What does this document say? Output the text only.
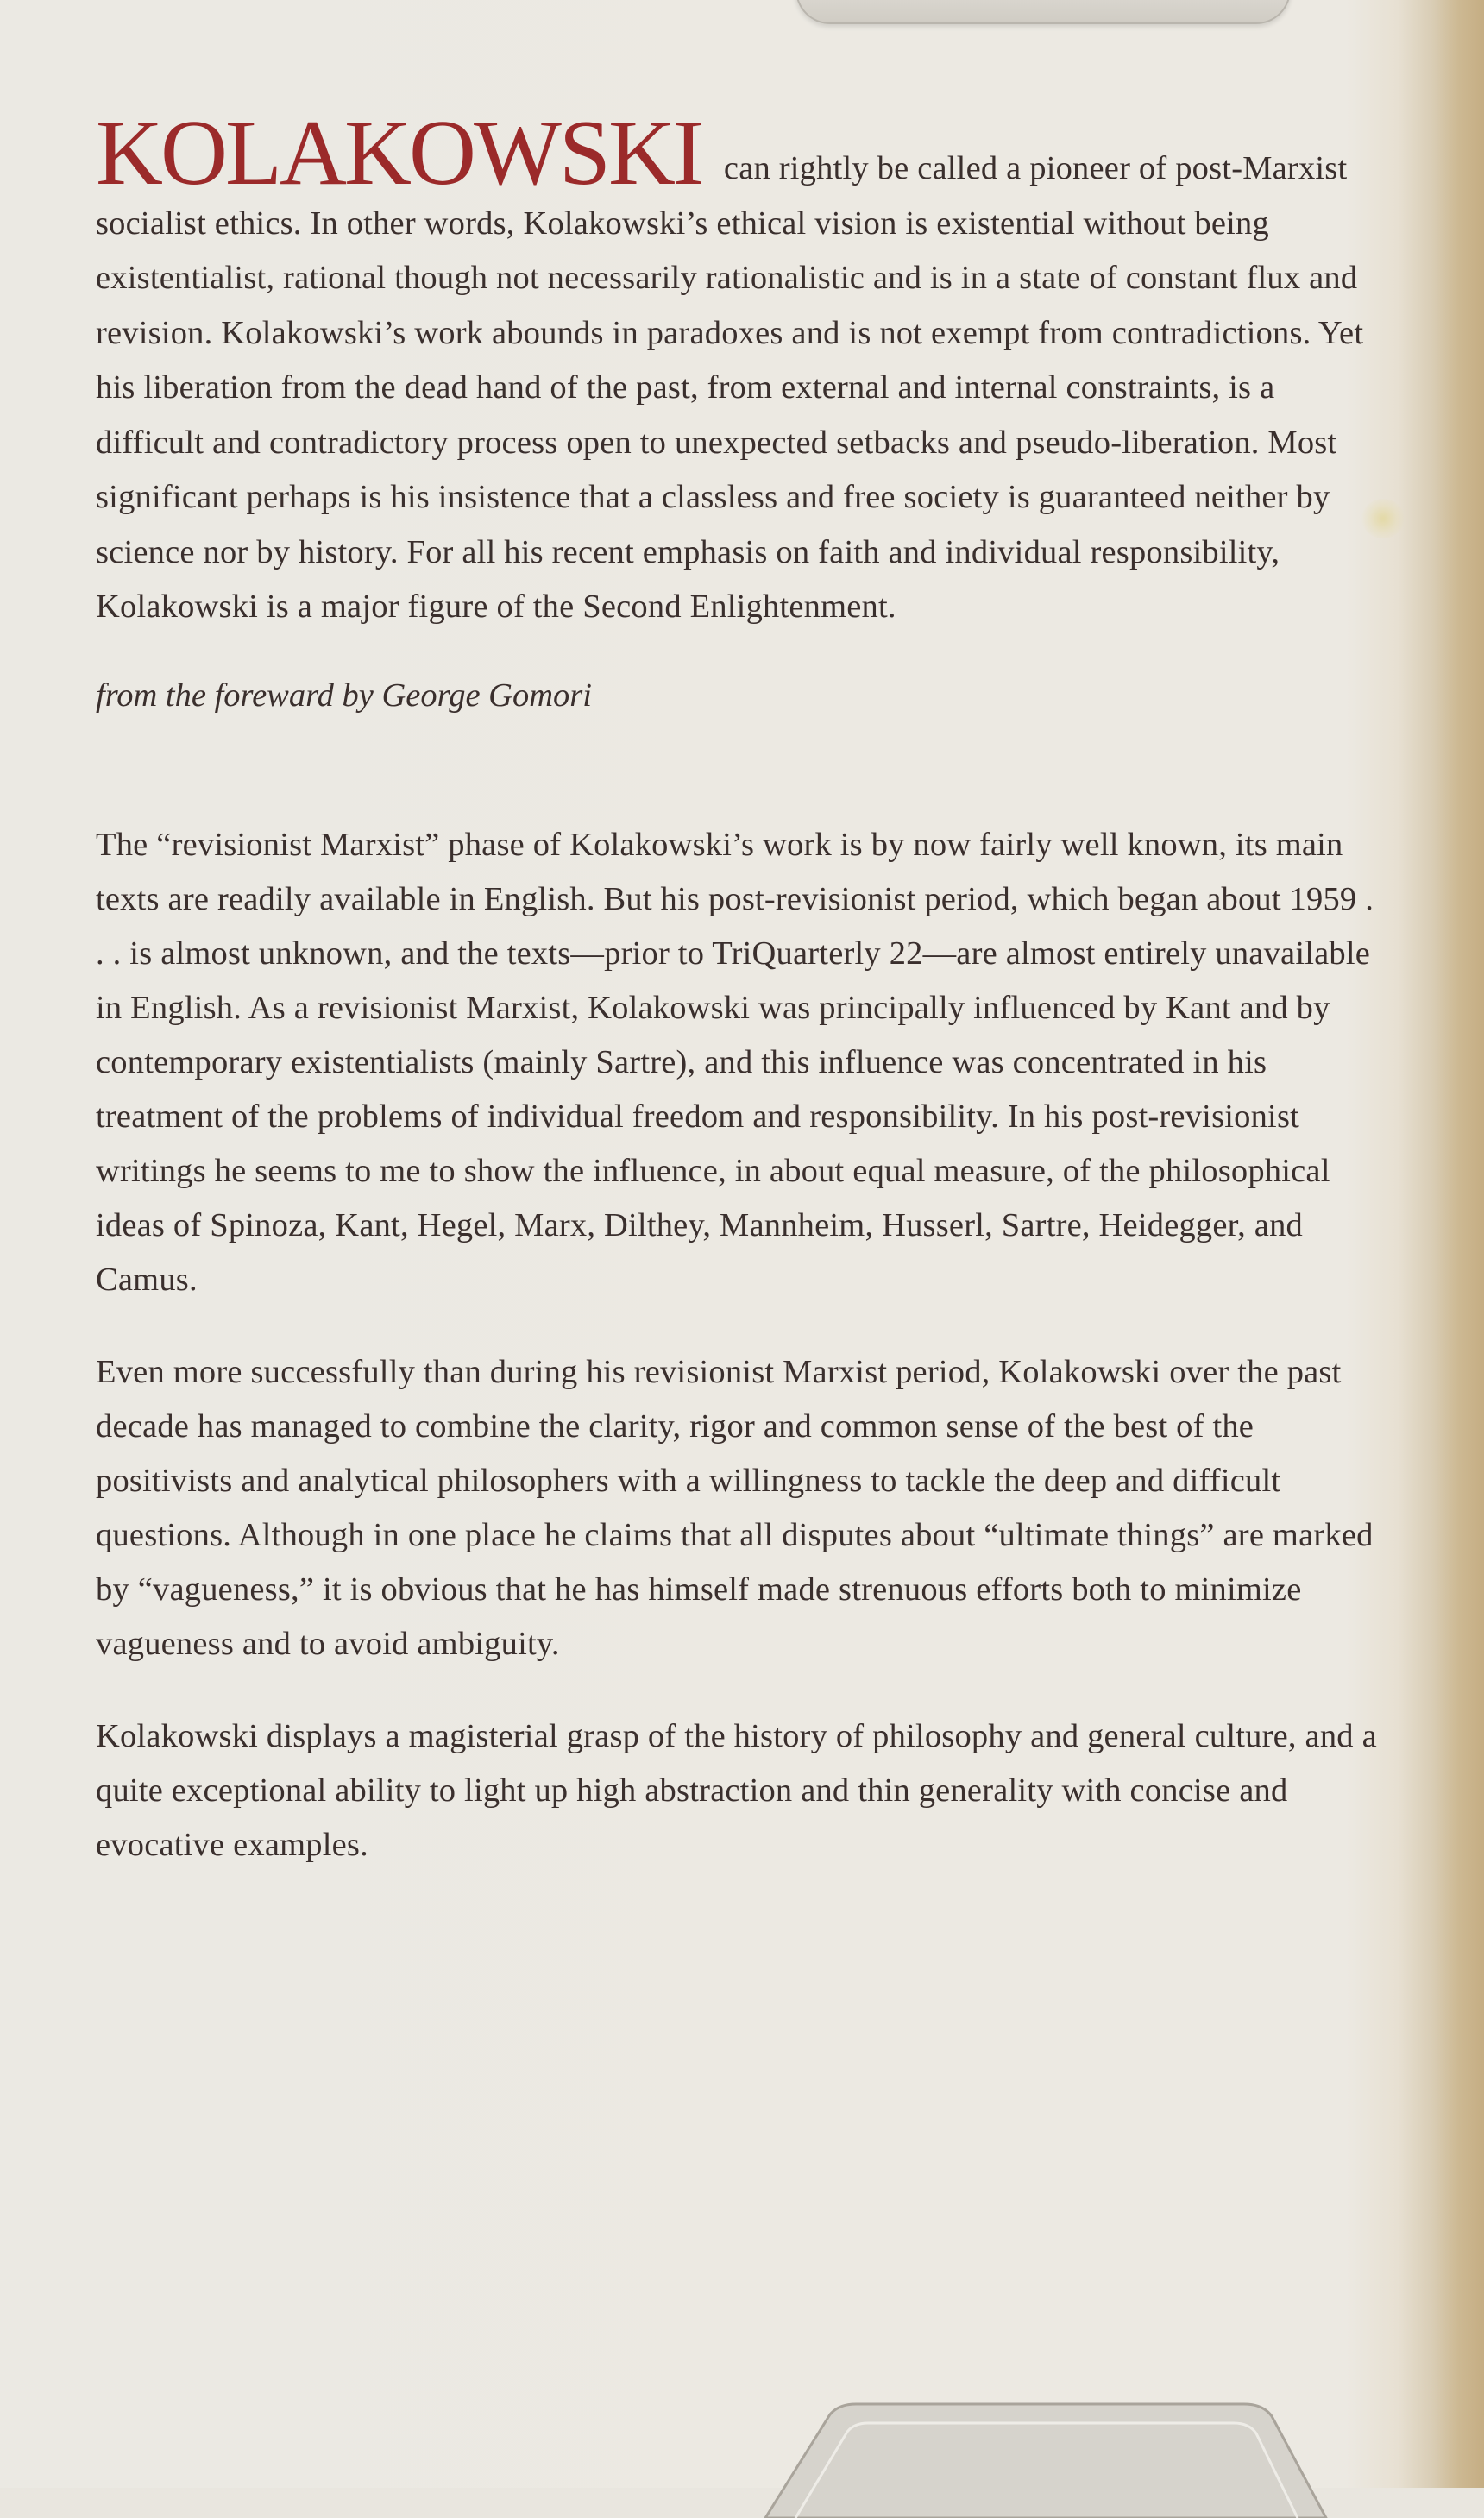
KOLAKOWSKI can rightly be called a pioneer of post-Marxist socialist ethics. In other words, Kolakowski’s ethical vision is existential without being existentialist, rational though not necessarily rationalistic and is in a state of constant flux and revision. Kolakowski’s work abounds in paradoxes and is not exempt from contradictions. Yet his liberation from the dead hand of the past, from external and internal constraints, is a difficult and contradictory process open to unexpected setbacks and pseudo-liberation. Most significant perhaps is his insistence that a classless and free society is guaranteed neither by science nor by history. For all his recent emphasis on faith and individual responsibility, Kolakowski is a major figure of the Second Enlightenment.

from the foreward by George Gomori

The “revisionist Marxist” phase of Kolakowski’s work is by now fairly well known, its main texts are readily available in English. But his post-revisionist period, which began about 1959 . . . is almost unknown, and the texts—prior to TriQuarterly 22—are almost entirely unavailable in English. As a revisionist Marxist, Kolakowski was principally influenced by Kant and by contemporary existentialists (mainly Sartre), and this influence was concentrated in his treatment of the problems of individual freedom and responsibility. In his post-revisionist writings he seems to me to show the influence, in about equal measure, of the philosophical ideas of Spinoza, Kant, Hegel, Marx, Dilthey, Mannheim, Husserl, Sartre, Heidegger, and Camus.

Even more successfully than during his revisionist Marxist period, Kolakowski over the past decade has managed to combine the clarity, rigor and common sense of the best of the positivists and analytical philosophers with a willingness to tackle the deep and difficult questions. Although in one place he claims that all disputes about “ultimate things” are marked by “vagueness,” it is obvious that he has himself made strenuous efforts both to minimize vagueness and to avoid ambiguity.

Kolakowski displays a magisterial grasp of the history of philosophy and general culture, and a quite exceptional ability to light up high abstraction and thin generality with concise and evocative examples.
